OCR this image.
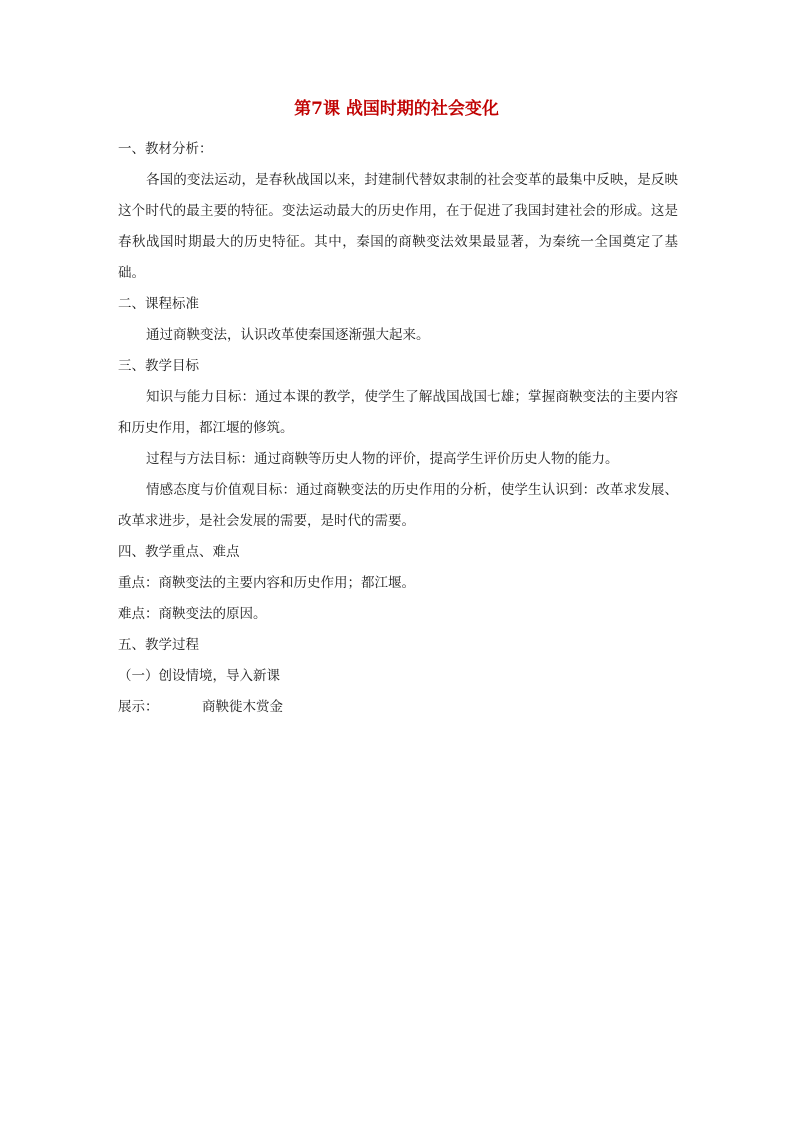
第7课 战国时期的社会变化

一、教材分析：

各国的变法运动，是春秋战国以来，封建制代替奴隶制的社会变革的最集中反映，是反映这个时代的最主要的特征。变法运动最大的历史作用，在于促进了我国封建社会的形成。这是春秋战国时期最大的历史特征。其中，秦国的商鞅变法效果最显著，为秦统一全国奠定了基础。

二、课程标准

通过商鞅变法，认识改革使秦国逐渐强大起来。

三、教学目标

知识与能力目标：通过本课的教学，使学生了解战国战国七雄；掌握商鞅变法的主要内容和历史作用，都江堰的修筑。

过程与方法目标：通过商鞅等历史人物的评价，提高学生评价历史人物的能力。

情感态度与价值观目标：通过商鞅变法的历史作用的分析，使学生认识到：改革求发展、改革求进步，是社会发展的需要，是时代的需要。

四、教学重点、难点

重点：商鞅变法的主要内容和历史作用；都江堰。

难点：商鞅变法的原因。

五、教学过程

（一）创设情境，导入新课

展示：	商鞅徙木赏金
